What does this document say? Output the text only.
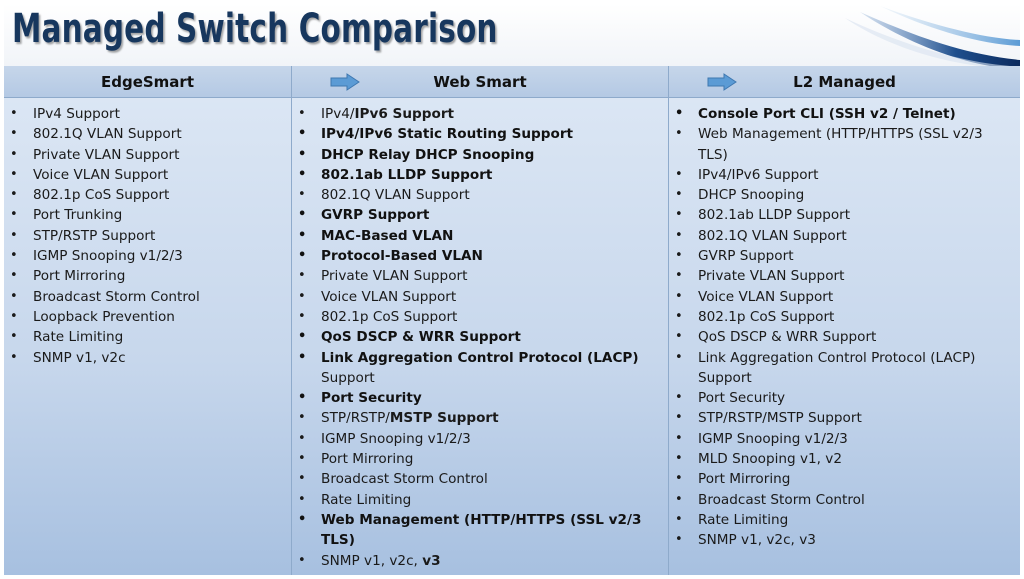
Managed Switch Comparison
EdgeSmart	Web Smart	L2 Managed
• IPv4 Support
• 802.1Q VLAN Support
• Private VLAN Support
• Voice VLAN Support
• 802.1p CoS Support
• Port Trunking
• STP/RSTP Support
• IGMP Snooping v1/2/3
• Port Mirroring
• Broadcast Storm Control
• Loopback Prevention
• Rate Limiting
• SNMP v1, v2c
• IPv4/IPv6 Support
• IPv4/IPv6 Static Routing Support
• DHCP Relay DHCP Snooping
• 802.1ab LLDP Support
• 802.1Q VLAN Support
• GVRP Support
• MAC-Based VLAN
• Protocol-Based VLAN
• Private VLAN Support
• Voice VLAN Support
• 802.1p CoS Support
• QoS DSCP & WRR Support
• Link Aggregation Control Protocol (LACP)
Support
• Port Security
• STP/RSTP/MSTP Support
• IGMP Snooping v1/2/3
• Port Mirroring
• Broadcast Storm Control
• Rate Limiting
• Web Management (HTTP/HTTPS (SSL v2/3 TLS)
• SNMP v1, v2c, v3
• Console Port CLI (SSH v2 / Telnet)
• Web Management (HTTP/HTTPS (SSL v2/3
TLS)
• IPv4/IPv6 Support
• DHCP Snooping
• 802.1ab LLDP Support
• 802.1Q VLAN Support
• GVRP Support
• Private VLAN Support
• Voice VLAN Support
• 802.1p CoS Support
• QoS DSCP & WRR Support
• Link Aggregation Control Protocol (LACP)
Support
• Port Security
• STP/RSTP/MSTP Support
• IGMP Snooping v1/2/3
• MLD Snooping v1, v2
• Port Mirroring
• Broadcast Storm Control
• Rate Limiting
• SNMP v1, v2c, v3
